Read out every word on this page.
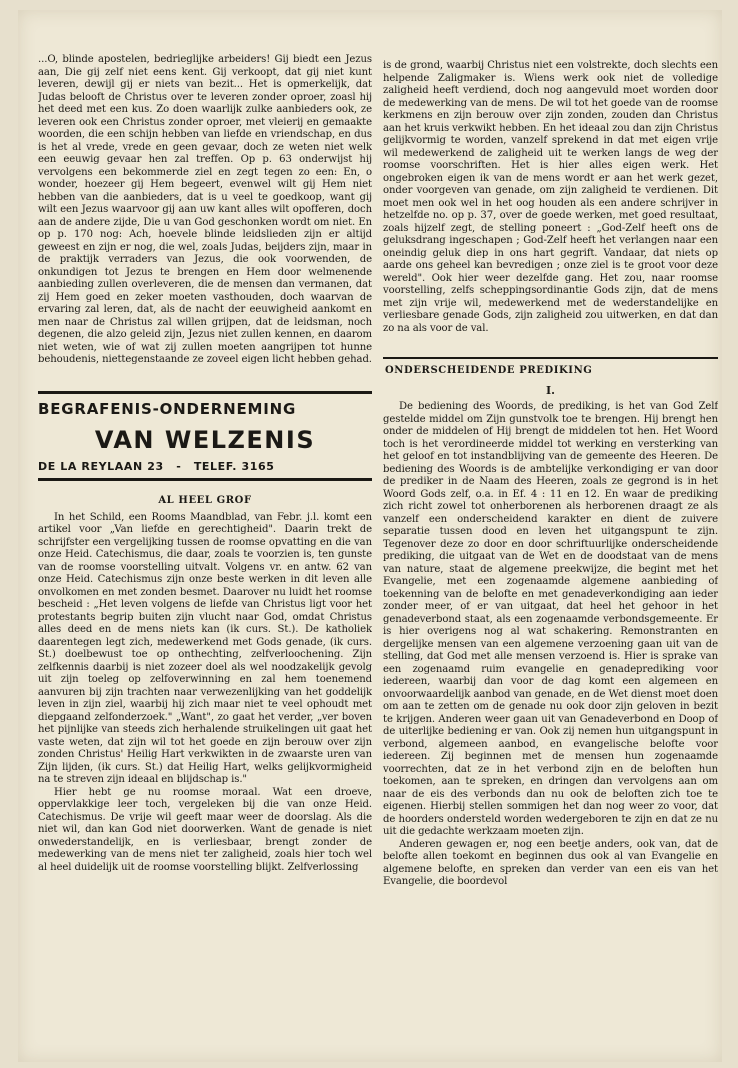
...O, blinde apostelen, bedrieglijke arbeiders! Gij biedt een Jezus aan, Die gij zelf niet eens kent. Gij verkoopt, dat gij niet kunt leveren, dewijl gij er niets van bezit... Het is opmerkelijk, dat Judas belooft de Christus over te leveren zonder oproer, zoasl hij het deed met een kus. Zo doen waarlijk zulke aanbieders ook, ze leveren ook een Christus zonder oproer, met vleierij en gemaakte woorden, die een schijn hebben van liefde en vriendschap, en dus is het al vrede, vrede en geen gevaar, doch ze weten niet welk een eeuwig gevaar hen zal treffen. Op p. 63 onderwijst hij vervolgens een bekommerde ziel en zegt tegen zo een: En, o wonder, hoezeer gij Hem begeert, evenwel wilt gij Hem niet hebben van die aanbieders, dat is u veel te goedkoop, want gij wilt een Jezus waarvoor gij aan uw kant alles wilt opofferen, doch aan de andere zijde, Die u van God geschonken wordt om niet. En op p. 170 nog: Ach, hoevele blinde leidslieden zijn er altijd geweest en zijn er nog, die wel, zoals Judas, beijders zijn, maar in de praktijk verraders van Jezus, die ook voorwenden, de onkundigen tot Jezus te brengen en Hem door welmenende aanbieding zullen overleveren, die de mensen dan vermanen, dat zij Hem goed en zeker moeten vasthouden, doch waarvan de ervaring zal leren, dat, als de nacht der eeuwigheid aankomt en men naar de Christus zal willen grijpen, dat de leidsman, noch degenen, die alzo geleid zijn, Jezus niet zullen kennen, en daarom niet weten, wie of wat zij zullen moeten aangrijpen tot hunne behoudenis, niettegenstaande ze zoveel eigen licht hebben gehad.

BEGRAFENIS-ONDERNEMING
VAN WELZENIS
DE LA REYLAAN 23 - TELEF. 3165
AL HEEL GROF

In het Schild, een Rooms Maandblad, van Febr. j.l. komt een artikel voor „Van liefde en gerechtigheid". Daarin trekt de schrijfster een vergelijking tussen de roomse opvatting en die van onze Heid. Catechismus, die daar, zoals te voorzien is, ten gunste van de roomse voorstelling uitvalt. Volgens vr. en antw. 62 van onze Heid. Catechismus zijn onze beste werken in dit leven alle onvolkomen en met zonden besmet. Daarover nu luidt het roomse bescheid : „Het leven volgens de liefde van Christus ligt voor het protestants begrip buiten zijn vlucht naar God, omdat Christus alles deed en de mens niets kan (ik curs. St.). De katholiek daarentegen legt zich, medewerkend met Gods genade, (ik curs. St.) doelbewust toe op onthechting, zelfverloochening. Zijn zelfkennis daarbij is niet zozeer doel als wel noodzakelijk gevolg uit zijn toeleg op zelfoverwinning en zal hem toenemend aanvuren bij zijn trachten naar verwezenlijking van het goddelijk leven in zijn ziel, waarbij hij zich maar niet te veel ophoudt met diepgaand zelfonderzoek." „Want", zo gaat het verder, „ver boven het pijnlijke van steeds zich herhalende struikelingen uit gaat het vaste weten, dat zijn wil tot het goede en zijn berouw over zijn zonden Christus' Heilig Hart verkwikten in de zwaarste uren van Zijn lijden, (ik curs. St.) dat Heilig Hart, welks gelijkvormigheid na te streven zijn ideaal en blijdschap is."

Hier hebt ge nu roomse moraal. Wat een droeve, oppervlakkige leer toch, vergeleken bij die van onze Heid. Catechismus. De vrije wil geeft maar weer de doorslag. Als die niet wil, dan kan God niet doorwerken. Want de genade is niet onwederstandelijk, en is verliesbaar, brengt zonder de medewerking van de mens niet ter zaligheid, zoals hier toch wel al heel duidelijk uit de roomse voorstelling blijkt. Zelfverlossing

is de grond, waarbij Christus niet een volstrekte, doch slechts een helpende Zaligmaker is. Wiens werk ook niet de volledige zaligheid heeft verdiend, doch nog aangevuld moet worden door de medewerking van de mens. De wil tot het goede van de roomse kerkmens en zijn berouw over zijn zonden, zouden dan Christus aan het kruis verkwikt hebben. En het ideaal zou dan zijn Christus gelijkvormig te worden, vanzelf sprekend in dat met eigen vrije wil medewerkend de zaligheid uit te werken langs de weg der roomse voorschriften. Het is hier alles eigen werk. Het ongebroken eigen ik van de mens wordt er aan het werk gezet, onder voorgeven van genade, om zijn zaligheid te verdienen. Dit moet men ook wel in het oog houden als een andere schrijver in hetzelfde no. op p. 37, over de goede werken, met goed resultaat, zoals hijzelf zegt, de stelling poneert : „God-Zelf heeft ons de geluksdrang ingeschapen ; God-Zelf heeft het verlangen naar een oneindig geluk diep in ons hart gegrift. Vandaar, dat niets op aarde ons geheel kan bevredigen ; onze ziel is te groot voor deze wereld". Ook hier weer dezelfde gang. Het zou, naar roomse voorstelling, zelfs scheppingsordinantie Gods zijn, dat de mens met zijn vrije wil, medewerkend met de wederstandelijke en verliesbare genade Gods, zijn zaligheid zou uitwerken, en dat dan zo na als voor de val.

ONDERSCHEIDENDE PREDIKING
I.

De bediening des Woords, de prediking, is het van God Zelf gestelde middel om Zijn gunstvolk toe te brengen. Hij brengt hen onder de middelen of Hij brengt de middelen tot hen. Het Woord toch is het verordineerde middel tot werking en versterking van het geloof en tot instandblijving van de gemeente des Heeren. De bediening des Woords is de ambtelijke verkondiging er van door de prediker in de Naam des Heeren, zoals ze gegrond is in het Woord Gods zelf, o.a. in Ef. 4 : 11 en 12. En waar de prediking zich richt zowel tot onherborenen als herborenen draagt ze als vanzelf een onderscheidend karakter en dient de zuivere separatie tussen dood en leven het uitgangspunt te zijn. Tegenover deze zo door en door schriftuurlijke onderscheidende prediking, die uitgaat van de Wet en de doodstaat van de mens van nature, staat de algemene preekwijze, die begint met het Evangelie, met een zogenaamde algemene aanbieding of toekenning van de belofte en met genadeverkondiging aan ieder zonder meer, of er van uitgaat, dat heel het gehoor in het genadeverbond staat, als een zogenaamde verbondsgemeente. Er is hier overigens nog al wat schakering. Remonstranten en dergelijke mensen van een algemene verzoening gaan uit van de stelling, dat God met alle mensen verzoend is. Hier is sprake van een zogenaamd ruim evangelie en genadeprediking voor iedereen, waarbij dan voor de dag komt een algemeen en onvoorwaardelijk aanbod van genade, en de Wet dienst moet doen om aan te zetten om de genade nu ook door zijn geloven in bezit te krijgen. Anderen weer gaan uit van Genadeverbond en Doop of de uiterlijke bediening er van. Ook zij nemen hun uitgangspunt in verbond, algemeen aanbod, en evangelische belofte voor iedereen. Zij beginnen met de mensen hun zogenaamde voorrechten, dat ze in het verbond zijn en de beloften hun toekomen, aan te spreken, en dringen dan vervolgens aan om naar de eis des verbonds dan nu ook de beloften zich toe te eigenen. Hierbij stellen sommigen het dan nog weer zo voor, dat de hoorders ondersteld worden wedergeboren te zijn en dat ze nu uit die gedachte werkzaam moeten zijn.

Anderen gewagen er, nog een beetje anders, ook van, dat de belofte allen toekomt en beginnen dus ook al van Evangelie en algemene belofte, en spreken dan verder van een eis van het Evangelie, die boordevol
